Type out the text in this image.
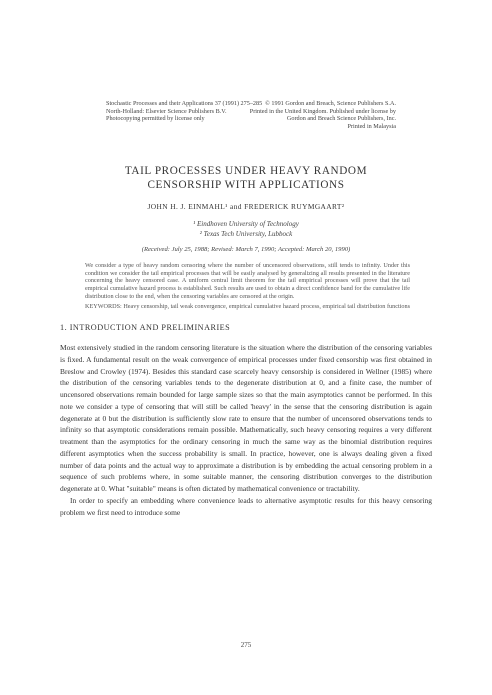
Stochastic Processes and their Applications 37 (1991) 275–285
North-Holland: Elsevier Science Publishers B.V.
Photocopying permitted by license only
© 1991 Gordon and Breach, Science Publishers S.A.
Printed in the United Kingdom. Published under license by
Gordon and Breach Science Publishers, Inc.
Printed in Malaysia
TAIL PROCESSES UNDER HEAVY RANDOM
CENSORSHIP WITH APPLICATIONS
JOHN H. J. EINMAHL¹ and FREDERICK RUYMGAART²
¹ Eindhoven University of Technology
² Texas Tech University, Lubbock
(Received: July 25, 1988; Revised: March 7, 1990; Accepted: March 20, 1990)
We consider a type of heavy random censoring where the number of uncensored observations, still tends to infinity. Under this condition we consider the tail empirical processes that will be easily analysed by generalizing all results presented in the literature concerning the heavy censored case. A uniform central limit theorem for the tail empirical processes will prove that the tail empirical cumulative hazard process is established. Such results are used to obtain a direct confidence band for the cumulative life distribution close to the end, when the censoring variables are censored at the origin.
KEYWORDS: Heavy censorship, tail weak convergence, empirical cumulative hazard process, empirical tail distribution functions
1. INTRODUCTION AND PRELIMINARIES

Most extensively studied in the random censoring literature is the situation where the distribution of the censoring variables is fixed. A fundamental result on the weak convergence of empirical processes under fixed censorship was first obtained in Breslow and Crowley (1974). Besides this standard case scarcely heavy censorship is considered in Wellner (1985) where the distribution of the censoring variables tends to the degenerate distribution at 0, and a finite case, the number of uncensored observations remain bounded for large sample sizes so that the main asymptotics cannot be performed. In this note we consider a type of censoring that will still be called 'heavy' in the sense that the censoring distribution is again degenerate at 0 but the distribution is sufficiently slow rate to ensure that the number of uncensored observations tends to infinity so that asymptotic considerations remain possible. Mathematically, such heavy censoring requires a very different treatment than the asymptotics for the ordinary censoring in much the same way as the binomial distribution requires different asymptotics when the success probability is small. In practice, however, one is always dealing given a fixed number of data points and the actual way to approximate a distribution is by embedding the actual censoring problem in a sequence of such problems where, in some suitable manner, the censoring distribution converges to the distribution degenerate at 0. What "suitable" means is often dictated by mathematical convenience or tractability.

In order to specify an embedding where convenience leads to alternative asymptotic results for this heavy censoring problem we first need to introduce some

275
